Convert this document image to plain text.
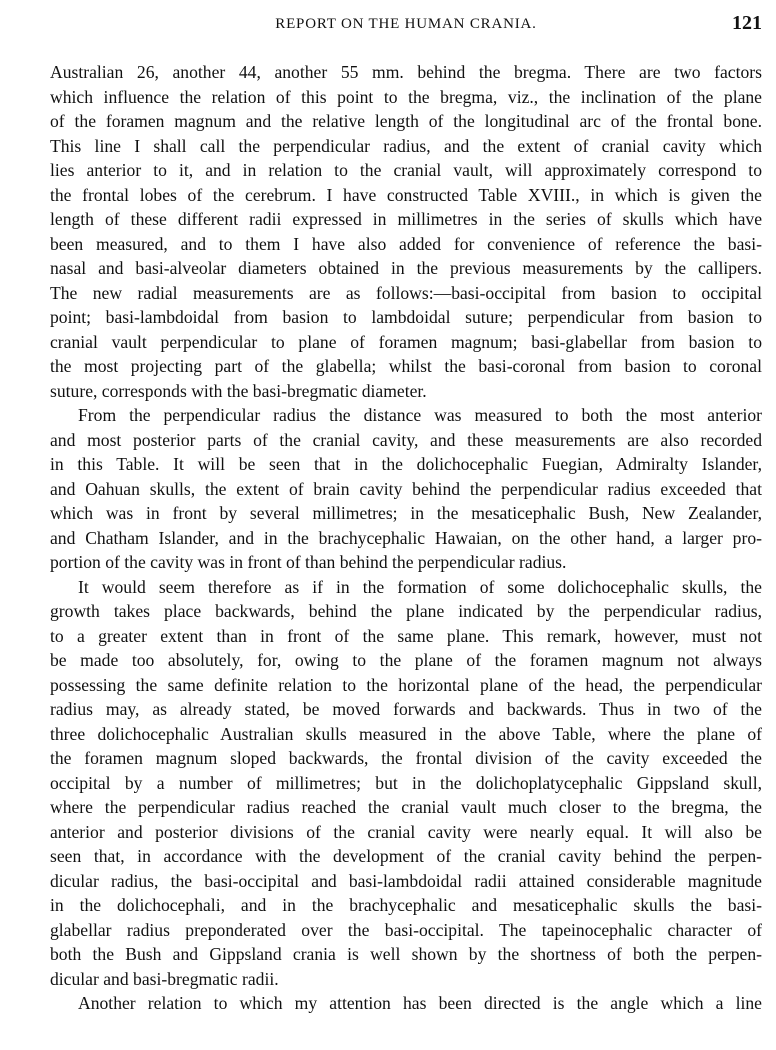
REPORT ON THE HUMAN CRANIA.	121
Australian 26, another 44, another 55 mm. behind the bregma. There are two factors
which influence the relation of this point to the bregma, viz., the inclination of the plane
of the foramen magnum and the relative length of the longitudinal arc of the frontal bone.
This line I shall call the perpendicular radius, and the extent of cranial cavity which
lies anterior to it, and in relation to the cranial vault, will approximately correspond to
the frontal lobes of the cerebrum. I have constructed Table XVIII., in which is given the
length of these different radii expressed in millimetres in the series of skulls which have
been measured, and to them I have also added for convenience of reference the basi-
nasal and basi-alveolar diameters obtained in the previous measurements by the callipers.
The new radial measurements are as follows:—basi-occipital from basion to occipital
point; basi-lambdoidal from basion to lambdoidal suture; perpendicular from basion to
cranial vault perpendicular to plane of foramen magnum; basi-glabellar from basion to
the most projecting part of the glabella; whilst the basi-coronal from basion to coronal
suture, corresponds with the basi-bregmatic diameter.
From the perpendicular radius the distance was measured to both the most anterior
and most posterior parts of the cranial cavity, and these measurements are also recorded
in this Table. It will be seen that in the dolichocephalic Fuegian, Admiralty Islander,
and Oahuan skulls, the extent of brain cavity behind the perpendicular radius exceeded that
which was in front by several millimetres; in the mesaticephalic Bush, New Zealander,
and Chatham Islander, and in the brachycephalic Hawaian, on the other hand, a larger pro-
portion of the cavity was in front of than behind the perpendicular radius.
It would seem therefore as if in the formation of some dolichocephalic skulls, the
growth takes place backwards, behind the plane indicated by the perpendicular radius,
to a greater extent than in front of the same plane. This remark, however, must not
be made too absolutely, for, owing to the plane of the foramen magnum not always
possessing the same definite relation to the horizontal plane of the head, the perpendicular
radius may, as already stated, be moved forwards and backwards. Thus in two of the
three dolichocephalic Australian skulls measured in the above Table, where the plane of
the foramen magnum sloped backwards, the frontal division of the cavity exceeded the
occipital by a number of millimetres; but in the dolichoplatycephalic Gippsland skull,
where the perpendicular radius reached the cranial vault much closer to the bregma, the
anterior and posterior divisions of the cranial cavity were nearly equal. It will also be
seen that, in accordance with the development of the cranial cavity behind the perpen-
dicular radius, the basi-occipital and basi-lambdoidal radii attained considerable magnitude
in the dolichocephali, and in the brachycephalic and mesaticephalic skulls the basi-
glabellar radius preponderated over the basi-occipital. The tapeinocephalic character of
both the Bush and Gippsland crania is well shown by the shortness of both the perpen-
dicular and basi-bregmatic radii.
Another relation to which my attention has been directed is the angle which a line
